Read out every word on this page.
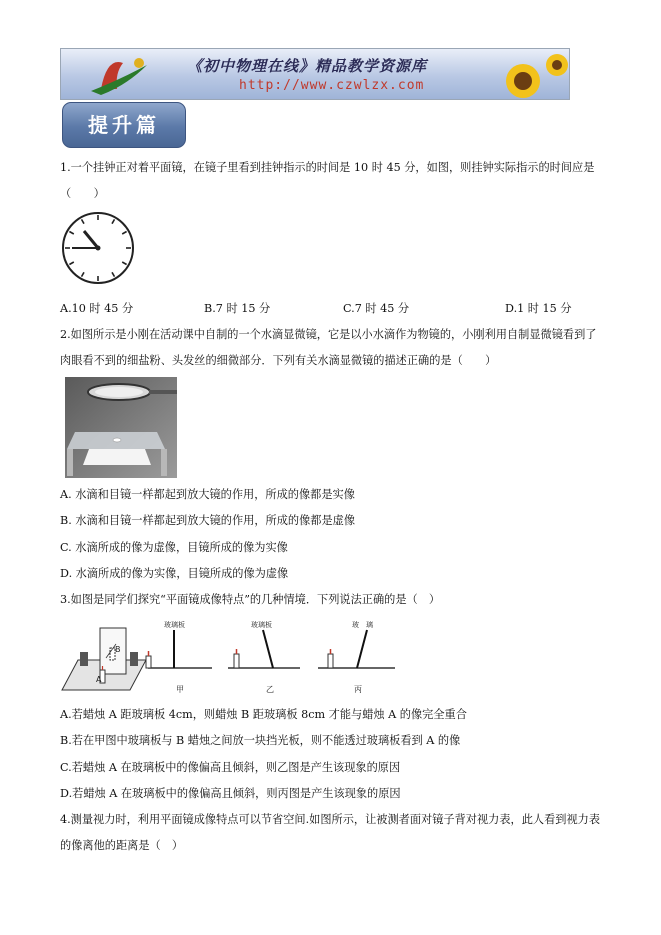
《初中物理在线》精品教学资源库
http://www.czwlzx.com
提升篇
1.一个挂钟正对着平面镜，在镜子里看到挂钟指示的时间是 10 时 45 分，如图，则挂钟实际指示的时间应是（　　）
A.10 时 45 分	B.7 时 15 分	C.7 时 45 分	D.1 时 15 分
2.如图所示是小刚在活动课中自制的一个水滴显微镜，它是以小水滴作为物镜的，小刚利用自制显微镜看到了肉眼看不到的细盐粉、头发丝的细微部分．下列有关水滴显微镜的描述正确的是（　　）
A. 水滴和目镜一样都起到放大镜的作用，所成的像都是实像
B. 水滴和目镜一样都起到放大镜的作用，所成的像都是虚像
C. 水滴所成的像为虚像，目镜所成的像为实像
D. 水滴所成的像为实像，目镜所成的像为虚像
3.如图是同学们探究“平面镜成像特点”的几种情境．下列说法正确的是（　）
A
B
玻璃板
甲
玻璃板
乙
玻　璃
丙
A.若蜡烛 A 距玻璃板 4cm，则蜡烛 B 距玻璃板 8cm 才能与蜡烛 A 的像完全重合
B.若在甲图中玻璃板与 B 蜡烛之间放一块挡光板，则不能透过玻璃板看到 A 的像
C.若蜡烛 A 在玻璃板中的像偏高且倾斜，则乙图是产生该现象的原因
D.若蜡烛 A 在玻璃板中的像偏高且倾斜，则丙图是产生该现象的原因
4.测量视力时，利用平面镜成像特点可以节省空间.如图所示，让被测者面对镜子背对视力表，此人看到视力表的像离他的距离是（　）
